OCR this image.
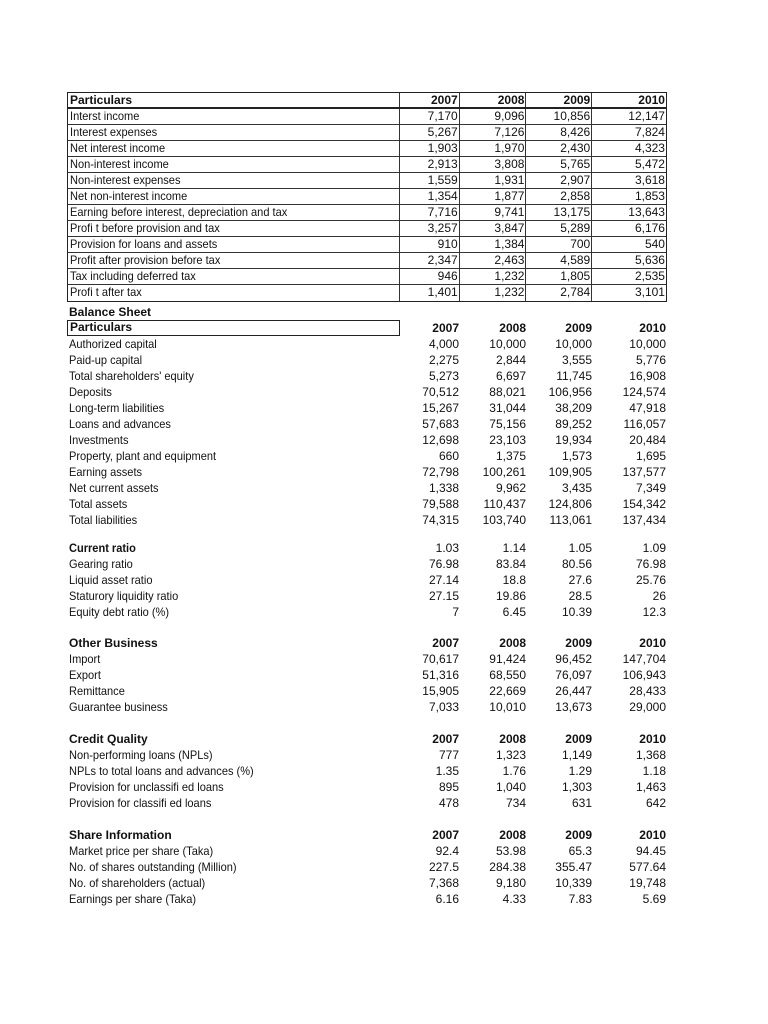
Particulars	2007	2008	2009	2010
Interst income	7,170	9,096	10,856	12,147
Interest expenses	5,267	7,126	8,426	7,824
Net interest income	1,903	1,970	2,430	4,323
Non-interest income	2,913	3,808	5,765	5,472
Non-interest expenses	1,559	1,931	2,907	3,618
Net non-interest income	1,354	1,877	2,858	1,853
Earning before interest, depreciation and tax	7,716	9,741	13,175	13,643
Profi t before provision and tax	3,257	3,847	5,289	6,176
Provision for loans and assets	910	1,384	700	540
Profit after provision before tax	2,347	2,463	4,589	5,636
Tax including deferred tax	946	1,232	1,805	2,535
Profi t after tax	1,401	1,232	2,784	3,101
Balance Sheet
Particulars	2007	2008	2009	2010
Authorized capital	4,000	10,000	10,000	10,000
Paid-up capital	2,275	2,844	3,555	5,776
Total shareholders' equity	5,273	6,697	11,745	16,908
Deposits	70,512	88,021	106,956	124,574
Long-term liabilities	15,267	31,044	38,209	47,918
Loans and advances	57,683	75,156	89,252	116,057
Investments	12,698	23,103	19,934	20,484
Property, plant and equipment	660	1,375	1,573	1,695
Earning assets	72,798	100,261	109,905	137,577
Net current assets	1,338	9,962	3,435	7,349
Total assets	79,588	110,437	124,806	154,342
Total liabilities	74,315	103,740	113,061	137,434
Current ratio	1.03	1.14	1.05	1.09
Gearing ratio	76.98	83.84	80.56	76.98
Liquid asset ratio	27.14	18.8	27.6	25.76
Staturory liquidity ratio	27.15	19.86	28.5	26
Equity debt ratio (%)	7	6.45	10.39	12.3
Other Business	2007	2008	2009	2010
Import	70,617	91,424	96,452	147,704
Export	51,316	68,550	76,097	106,943
Remittance	15,905	22,669	26,447	28,433
Guarantee business	7,033	10,010	13,673	29,000
Credit Quality	2007	2008	2009	2010
Non-performing loans (NPLs)	777	1,323	1,149	1,368
NPLs to total loans and advances (%)	1.35	1.76	1.29	1.18
Provision for unclassifi ed loans	895	1,040	1,303	1,463
Provision for classifi ed loans	478	734	631	642
Share Information	2007	2008	2009	2010
Market price per share (Taka)	92.4	53.98	65.3	94.45
No. of shares outstanding (Million)	227.5	284.38	355.47	577.64
No. of shareholders (actual)	7,368	9,180	10,339	19,748
Earnings per share (Taka)	6.16	4.33	7.83	5.69
